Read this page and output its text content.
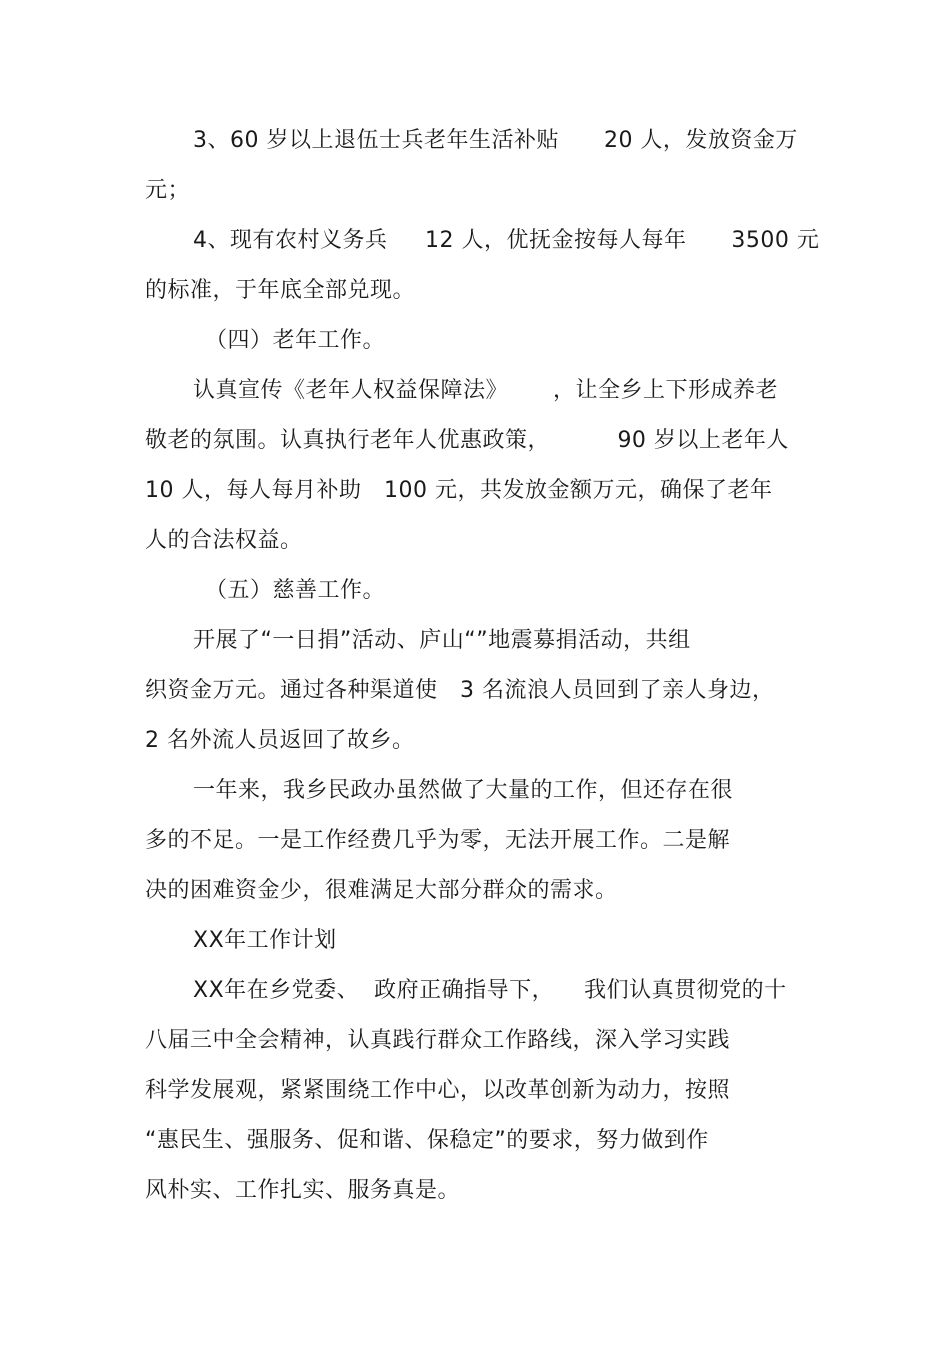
3、60 岁以上退伍士兵老年生活补贴      20 人，发放资金万
元；
4、现有农村义务兵     12 人，优抚金按每人每年      3500 元
的标准，于年底全部兑现。
（四）老年工作。
认真宣传《老年人权益保障法》      ，让全乡上下形成养老
敬老的氛围。认真执行老年人优惠政策，         90 岁以上老年人
10 人，每人每月补助   100 元，共发放金额万元，确保了老年
人的合法权益。
（五）慈善工作。
开展了“一日捐”活动、庐山“”地震募捐活动，共组
织资金万元。通过各种渠道使   3 名流浪人员回到了亲人身边，
2 名外流人员返回了故乡。
一年来，我乡民政办虽然做了大量的工作，但还存在很
多的不足。一是工作经费几乎为零，无法开展工作。二是解
决的困难资金少，很难满足大部分群众的需求。
XX年工作计划
XX年在乡党委、  政府正确指导下，    我们认真贯彻党的十
八届三中全会精神，认真践行群众工作路线，深入学习实践
科学发展观，紧紧围绕工作中心，以改革创新为动力，按照
“惠民生、强服务、促和谐、保稳定”的要求，努力做到作
风朴实、工作扎实、服务真是。
